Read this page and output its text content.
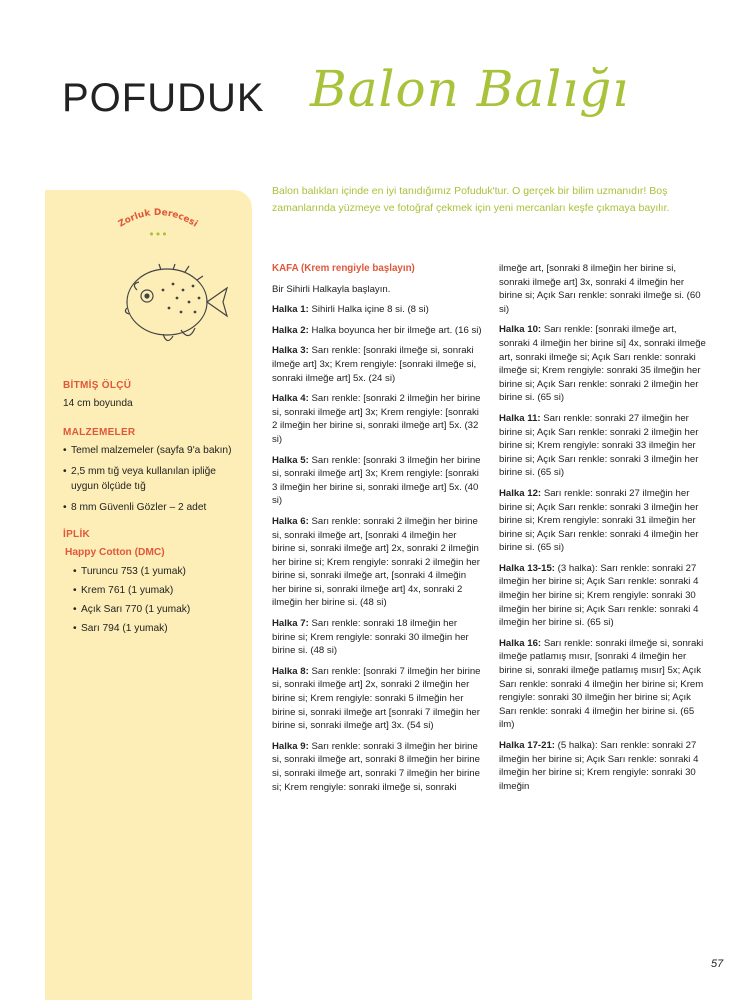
POFUDUK Balon Balığı
Zorluk Derecesi
•••
BİTMİŞ ÖLÇÜ
14 cm boyunda
MALZEMELER
• Temel malzemeler (sayfa 9'a bakın)
• 2,5 mm tığ veya kullanılan ipliğe uygun ölçüde tığ
• 8 mm Güvenli Gözler – 2 adet
İPLİK
Happy Cotton (DMC)
• Turuncu 753 (1 yumak)
• Krem 761 (1 yumak)
• Açık Sarı 770 (1 yumak)
• Sarı 794 (1 yumak)
Balon balıkları içinde en iyi tanıdığımız Pofuduk'tur. O gerçek bir bilim uzmanıdır! Boş zamanlarında yüzmeye ve fotoğraf çekmek için yeni mercanları keşfe çıkmaya bayılır.

KAFA (Krem rengiyle başlayın)

Bir Sihirli Halkayla başlayın.

Halka 1: Sihirli Halka içine 8 si. (8 si)

Halka 2: Halka boyunca her bir ilmeğe art. (16 si)

Halka 3: Sarı renkle: [sonraki ilmeğe si, sonraki ilmeğe art] 3x; Krem rengiyle: [sonraki ilmeğe si, sonraki ilmeğe art] 5x. (24 si)

Halka 4: Sarı renkle: [sonraki 2 ilmeğin her birine si, sonraki ilmeğe art] 3x; Krem rengiyle: [sonraki 2 ilmeğin her birine si, sonraki ilmeğe art] 5x. (32 si)

Halka 5: Sarı renkle: [sonraki 3 ilmeğin her birine si, sonraki ilmeğe art] 3x; Krem rengiyle: [sonraki 3 ilmeğin her birine si, sonraki ilmeğe art] 5x. (40 si)

Halka 6: Sarı renkle: sonraki 2 ilmeğin her birine si, sonraki ilmeğe art, [sonraki 4 ilmeğin her birine si, sonraki ilmeğe art] 2x, sonraki 2 ilmeğin her birine si; Krem rengiyle: sonraki 2 ilmeğin her birine si, sonraki ilmeğe art, [sonraki 4 ilmeğin her birine si, sonraki ilmeğe art] 4x, sonraki 2 ilmeğin her birine si. (48 si)

Halka 7: Sarı renkle: sonraki 18 ilmeğin her birine si; Krem rengiyle: sonraki 30 ilmeğin her birine si. (48 si)

Halka 8: Sarı renkle: [sonraki 7 ilmeğin her birine si, sonraki ilmeğe art] 2x, sonraki 2 ilmeğin her birine si; Krem rengiyle: sonraki 5 ilmeğin her birine si, sonraki ilmeğe art [sonraki 7 ilmeğin her birine si, sonraki ilmeğe art] 3x. (54 si)

Halka 9: Sarı renkle: sonraki 3 ilmeğin her birine si, sonraki ilmeğe art, sonraki 8 ilmeğin her birine si, sonraki ilmeğe art, sonraki 7 ilmeğin her birine si; Krem rengiyle: sonraki ilmeğe si, sonraki

ilmeğe art, [sonraki 8 ilmeğin her birine si, sonraki ilmeğe art] 3x, sonraki 4 ilmeğin her birine si; Açık Sarı renkle: sonraki ilmeğe si. (60 si)

Halka 10: Sarı renkle: [sonraki ilmeğe art, sonraki 4 ilmeğin her birine si] 4x, sonraki ilmeğe art, sonraki ilmeğe si; Açık Sarı renkle: sonraki ilmeğe si; Krem rengiyle: sonraki 35 ilmeğin her birine si; Açık Sarı renkle: sonraki 2 ilmeğin her birine si. (65 si)

Halka 11: Sarı renkle: sonraki 27 ilmeğin her birine si; Açık Sarı renkle: sonraki 2 ilmeğin her birine si; Krem rengiyle: sonraki 33 ilmeğin her birine si; Açık Sarı renkle: sonraki 3 ilmeğin her birine si. (65 si)

Halka 12: Sarı renkle: sonraki 27 ilmeğin her birine si; Açık Sarı renkle: sonraki 3 ilmeğin her birine si; Krem rengiyle: sonraki 31 ilmeğin her birine si; Açık Sarı renkle: sonraki 4 ilmeğin her birine si. (65 si)

Halka 13-15: (3 halka): Sarı renkle: sonraki 27 ilmeğin her birine si; Açık Sarı renkle: sonraki 4 ilmeğin her birine si; Krem rengiyle: sonraki 30 ilmeğin her birine si; Açık Sarı renkle: sonraki 4 ilmeğin her birine si. (65 si)

Halka 16: Sarı renkle: sonraki ilmeğe si, sonraki ilmeğe patlamış mısır, [sonraki 4 ilmeğin her birine si, sonraki ilmeğe patlamış mısır] 5x; Açık Sarı renkle: sonraki 4 ilmeğin her birine si; Krem rengiyle: sonraki 30 ilmeğin her birine si; Açık Sarı renkle: sonraki 4 ilmeğin her birine si. (65 ilm)

Halka 17-21: (5 halka): Sarı renkle: sonraki 27 ilmeğin her birine si; Açık Sarı renkle: sonraki 4 ilmeğin her birine si; Krem rengiyle: sonraki 30 ilmeğin

57
